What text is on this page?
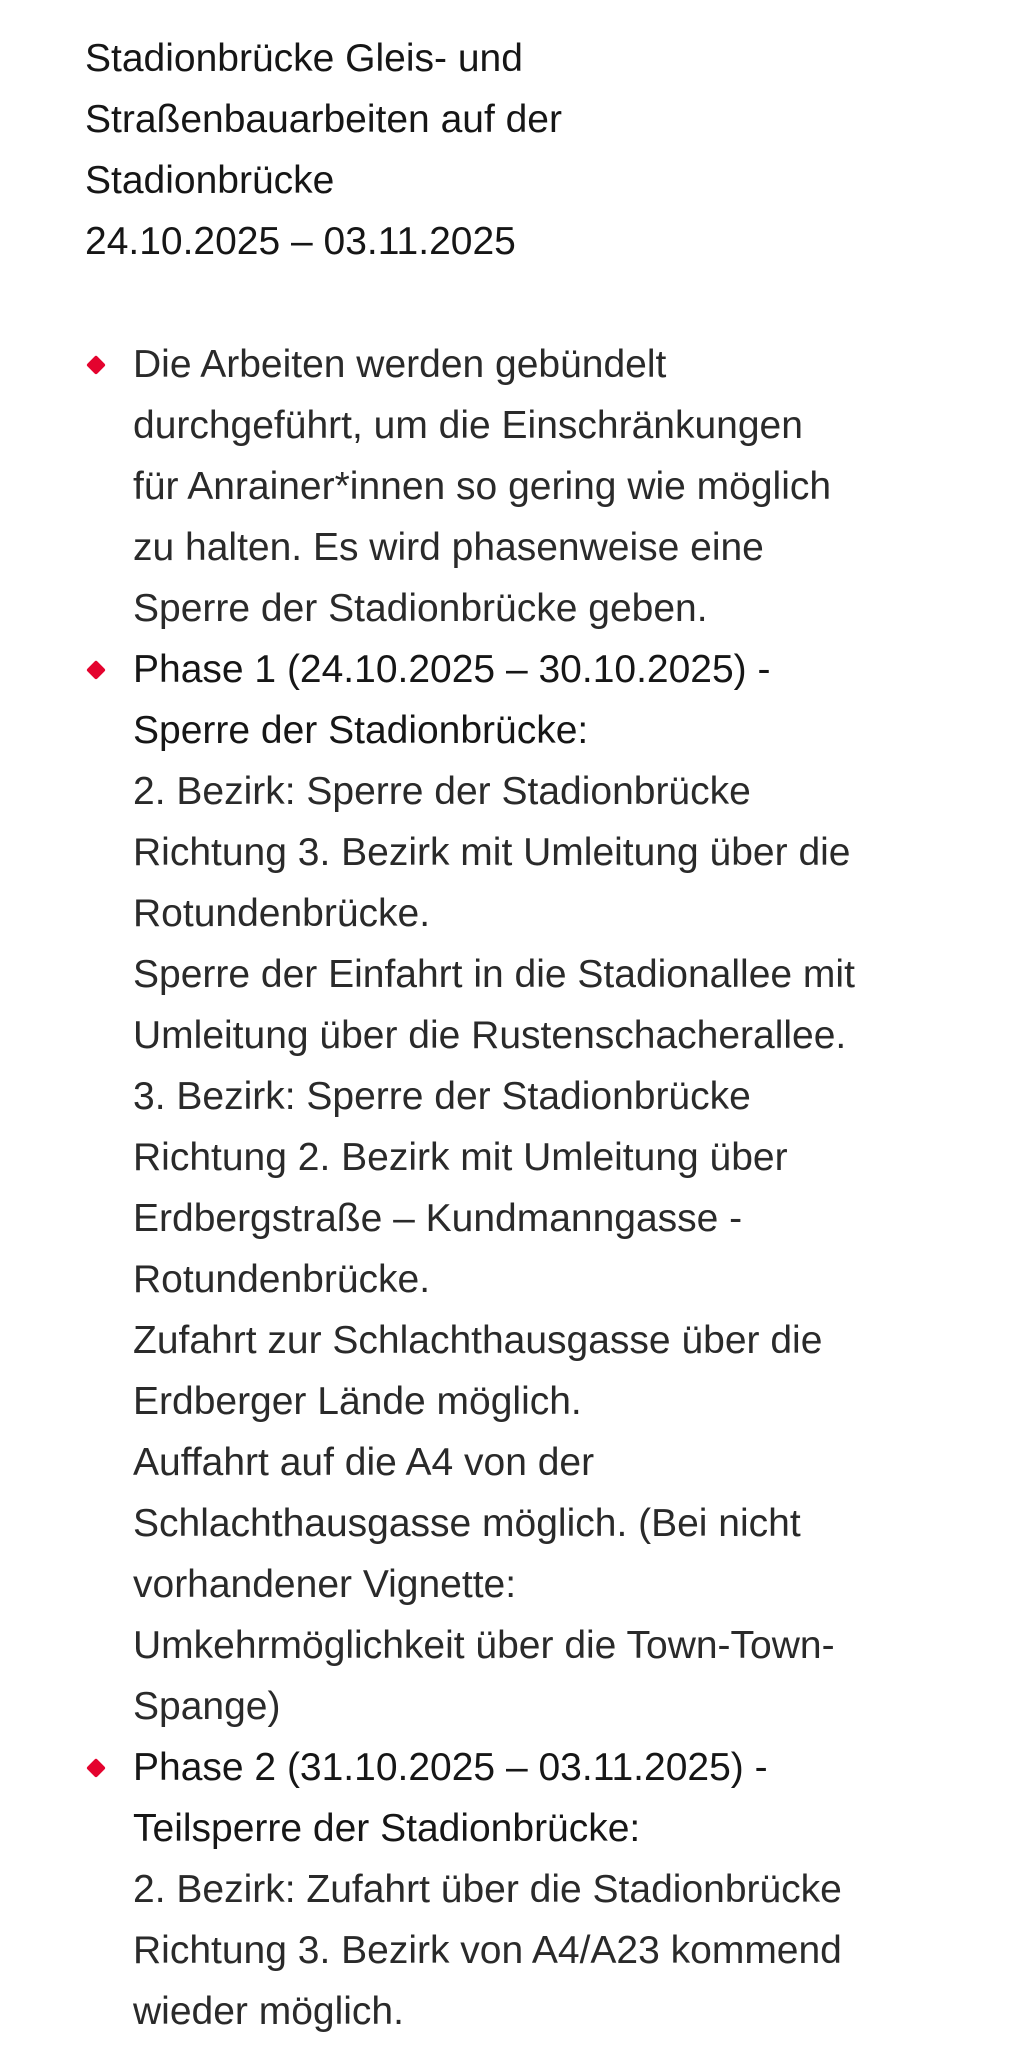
Stadionbrücke Gleis- und
Straßenbauarbeiten auf der
Stadionbrücke
24.10.2025 – 03.11.2025
Die Arbeiten werden gebündelt
durchgeführt, um die Einschränkungen
für Anrainer*innen so gering wie möglich
zu halten. Es wird phasenweise eine
Sperre der Stadionbrücke geben.
Phase 1 (24.10.2025 – 30.10.2025) -
Sperre der Stadionbrücke:
2. Bezirk: Sperre der Stadionbrücke
Richtung 3. Bezirk mit Umleitung über die
Rotundenbrücke.
Sperre der Einfahrt in die Stadionallee mit
Umleitung über die Rustenschacherallee.
3. Bezirk: Sperre der Stadionbrücke
Richtung 2. Bezirk mit Umleitung über
Erdbergstraße – Kundmanngasse -
Rotundenbrücke.
Zufahrt zur Schlachthausgasse über die
Erdberger Lände möglich.
Auffahrt auf die A4 von der
Schlachthausgasse möglich. (Bei nicht
vorhandener Vignette:
Umkehrmöglichkeit über die Town-Town-
Spange)
Phase 2 (31.10.2025 – 03.11.2025) -
Teilsperre der Stadionbrücke:
2. Bezirk: Zufahrt über die Stadionbrücke
Richtung 3. Bezirk von A4/A23 kommend
wieder möglich.
